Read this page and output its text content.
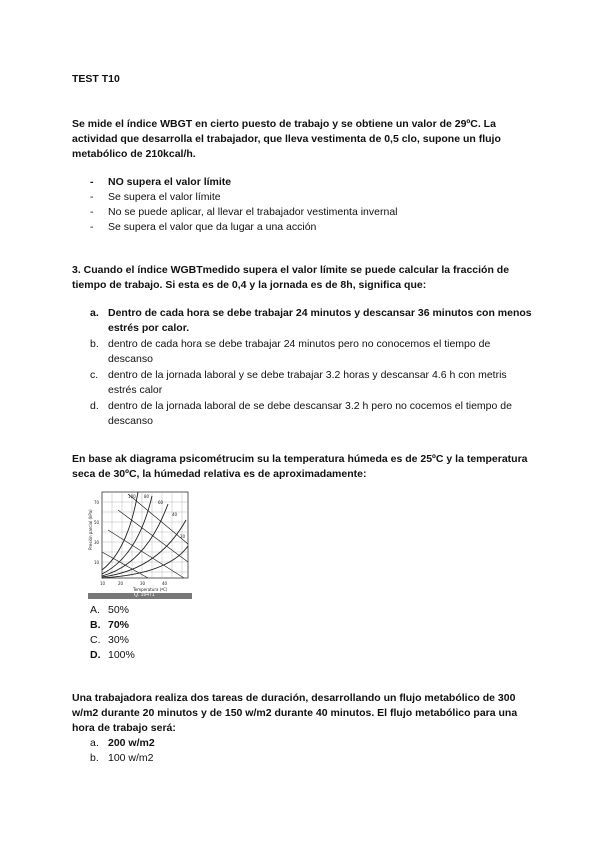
TEST T10
Se mide el índice WBGT en cierto puesto de trabajo y se obtiene un valor de 29ºC. La actividad que desarrolla el trabajador, que lleva vestimenta de 0,5 clo, supone un flujo metabólico de 210kcal/h.
- NO supera el valor límite
- Se supera el valor límite
- No se puede aplicar, al llevar el trabajador vestimenta invernal
- Se supera el valor que da lugar a una acción
3. Cuando el índice WGBTmedido supera el valor límite se puede calcular la fracción de tiempo de trabajo. Si esta es de 0,4 y la jornada es de 8h, significa que:
a. Dentro de cada hora se debe trabajar 24 minutos y descansar 36 minutos con menos estrés por calor.
b. dentro de cada hora se debe trabajar 24 minutos pero no conocemos el tiempo de descanso
c. dentro de la jornada laboral y se debe trabajar 3.2 horas y descansar 4.6 h con metris estrés calor
d. dentro de la jornada laboral de se debe descansar 3.2 h pero no cocemos el tiempo de descanso
En base ak diagrama psicométrucim su la temperatura húmeda es de 25ºC y la temperatura seca de 30ºC, la húmedad relativa es de aproximadamente:
100 80
60
40
20
70
50
30
10
10	20	30	40
Temperatura (ºC)
Presión parcial (kPa)
Q. 16471
A. 50%
B. 70%
C. 30%
D. 100%
Una trabajadora realiza dos tareas de duración, desarrollando un flujo metabólico de 300 w/m2 durante 20 minutos y de 150 w/m2 durante 40 minutos. El flujo metabólico para una hora de trabajo será:
a. 200 w/m2
b. 100 w/m2
